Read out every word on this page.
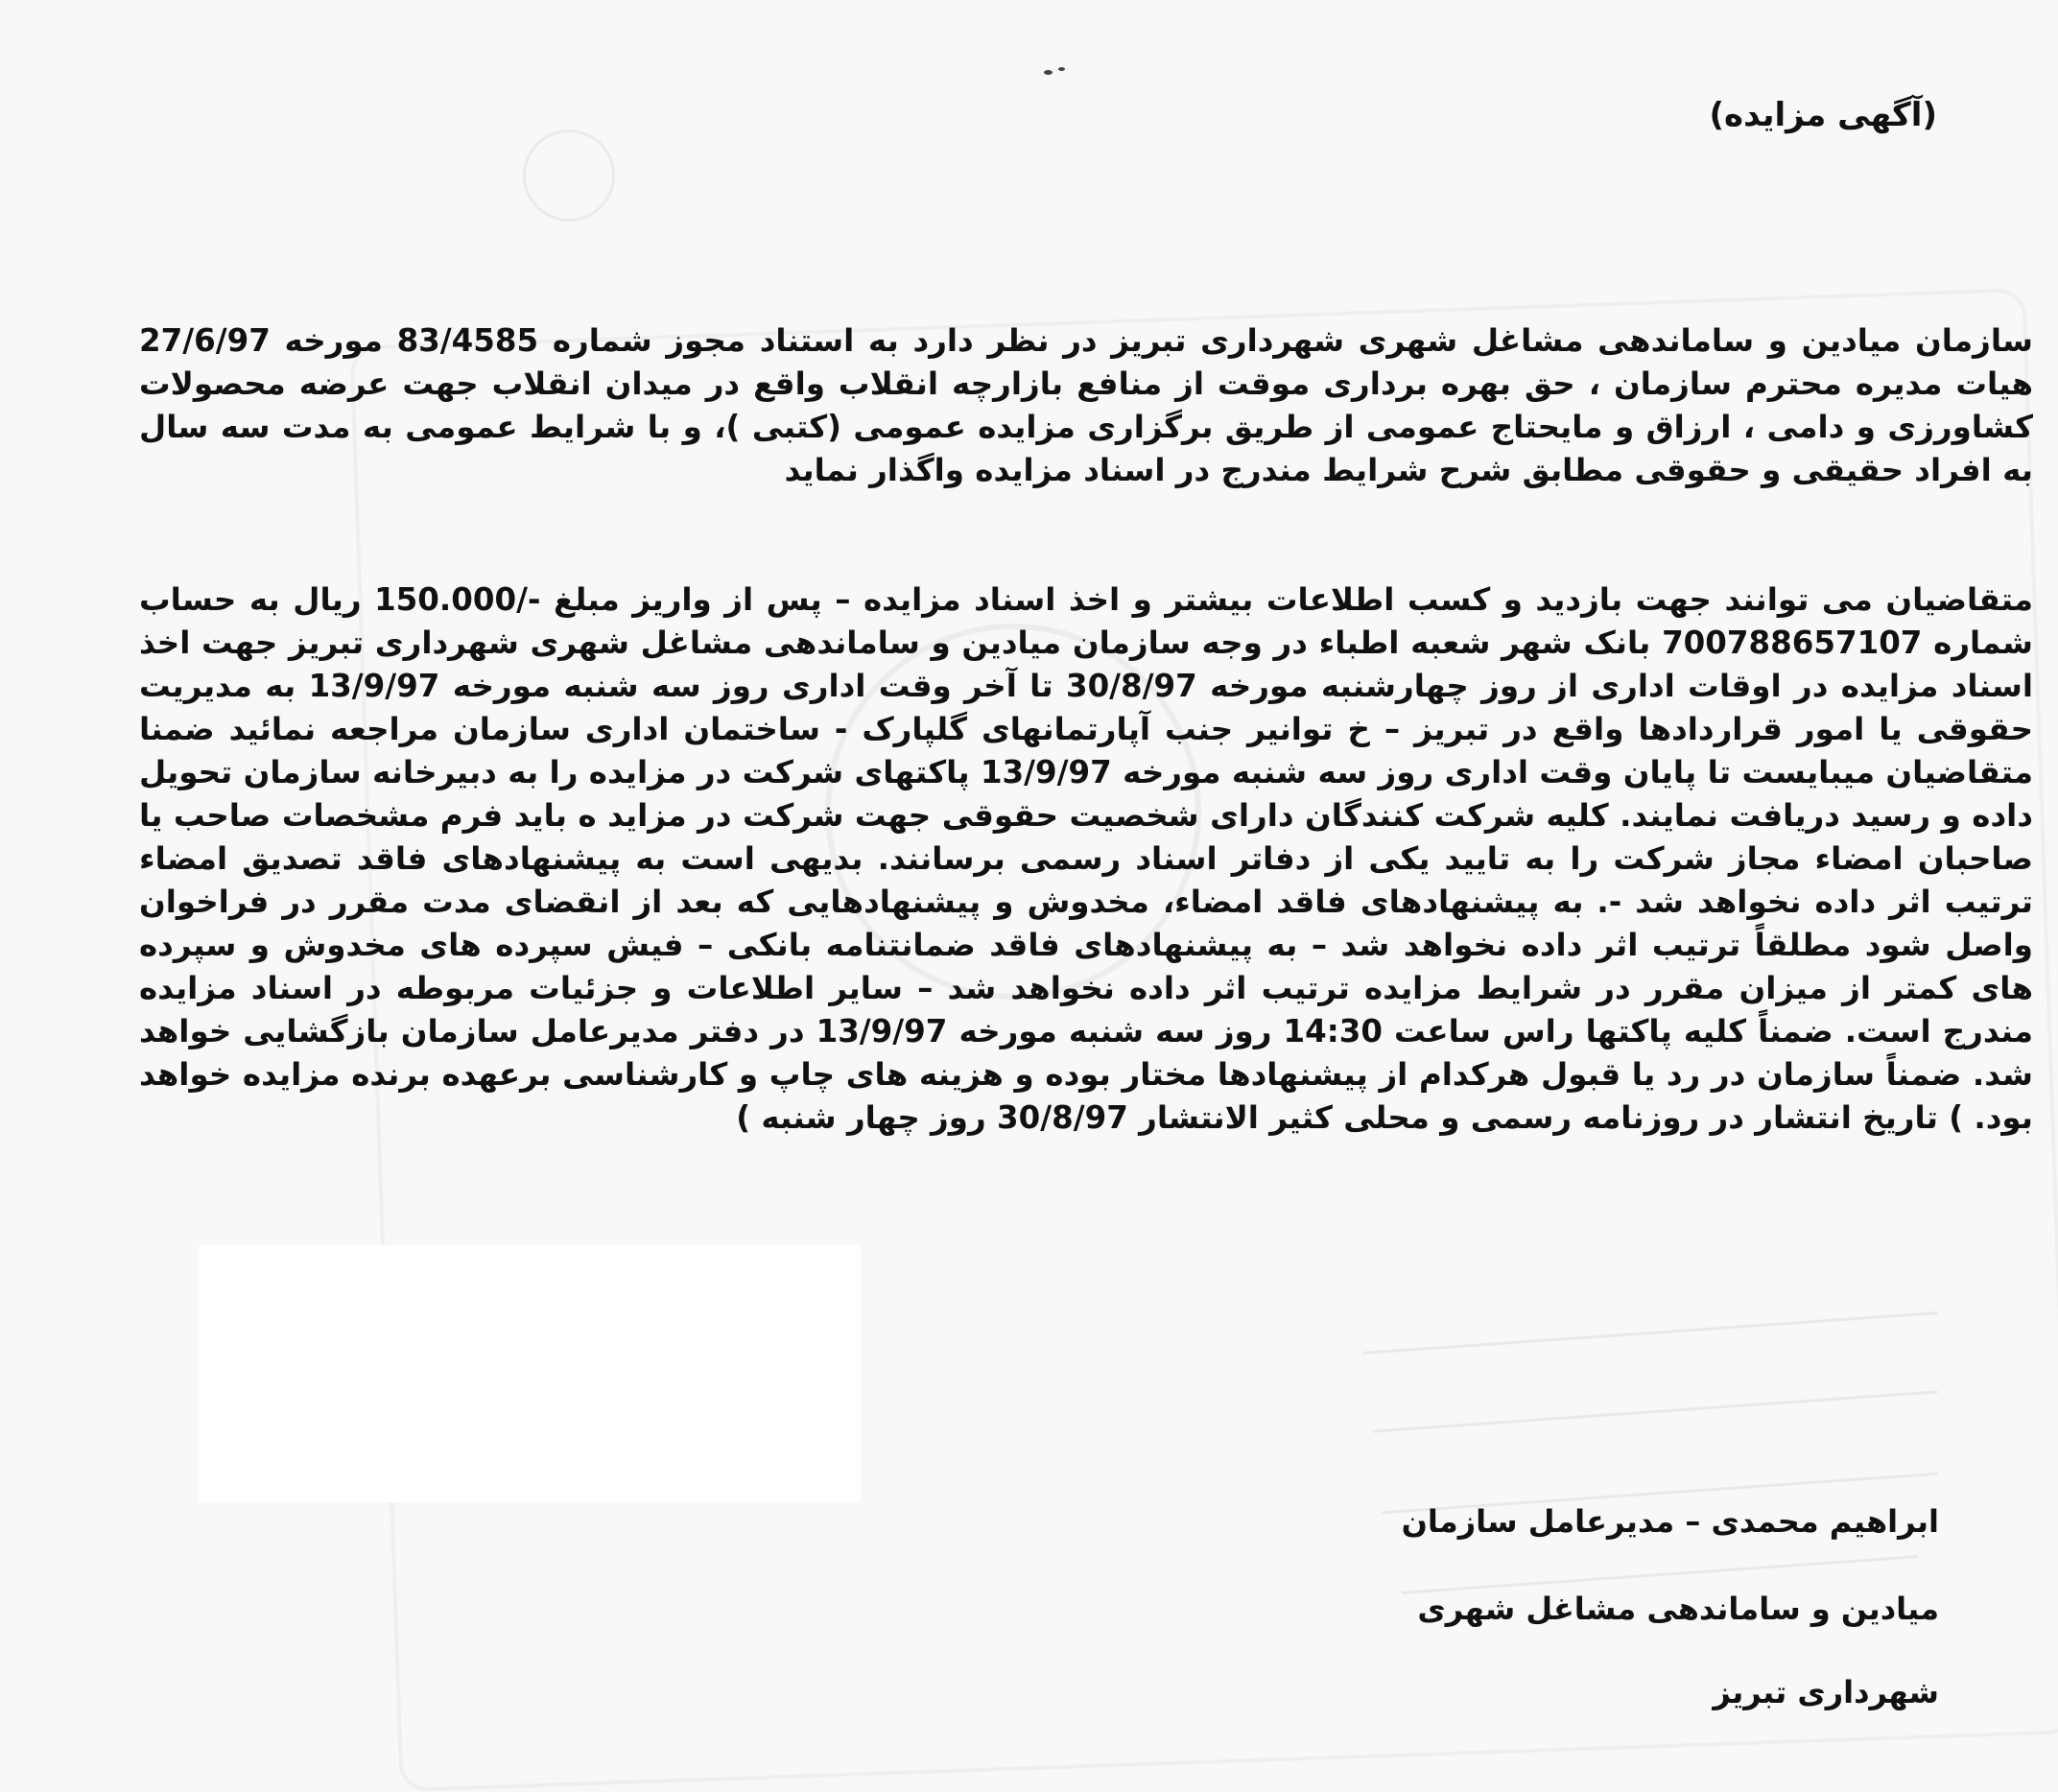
(آگهی مزایده)
سازمان میادین و ساماندهی مشاغل شهری شهرداری تبریز در نظر دارد به استناد مجوز شماره 83/4585 مورخه 27/6/97 هیات مدیره محترم سازمان ، حق بهره برداری موقت از منافع بازارچه انقلاب واقع در میدان انقلاب جهت عرضه محصولات کشاورزی و دامی ، ارزاق و مایحتاج عمومی از طریق برگزاری مزایده عمومی (کتبی )، و با شرایط عمومی به مدت سه سال به افراد حقیقی و حقوقی مطابق شرح شرایط مندرج در اسناد مزایده واگذار نماید
متقاضیان می توانند جهت بازدید و کسب اطلاعات بیشتر و اخذ اسناد مزایده – پس از واریز مبلغ -/150.000 ریال به حساب شماره 700788657107 بانک شهر شعبه اطباء در وجه سازمان میادین و ساماندهی مشاغل شهری شهرداری تبریز جهت اخذ اسناد مزایده در اوقات اداری از روز چهارشنبه مورخه 30/8/97 تا آخر وقت اداری روز سه شنبه مورخه 13/9/97 به مدیریت حقوقی یا امور قراردادها واقع در تبریز – خ توانیر جنب آپارتمانهای گلپارک - ساختمان اداری سازمان مراجعه نمائید ضمنا متقاضیان میبایست تا پایان وقت اداری روز سه شنبه مورخه 13/9/97 پاکتهای شرکت در مزایده را به دبیرخانه سازمان تحویل داده و رسید دریافت نمایند. کلیه شرکت کنندگان دارای شخصیت حقوقی جهت شرکت در مزاید ه باید فرم مشخصات صاحب یا صاحبان امضاء مجاز شرکت را به تایید یکی از دفاتر اسناد رسمی برسانند. بدیهی است به پیشنهادهای فاقد تصدیق امضاء ترتیب اثر داده نخواهد شد -. به پیشنهادهای فاقد امضاء، مخدوش و پیشنهادهایی که بعد از انقضای مدت مقرر در فراخوان واصل شود مطلقاً ترتیب اثر داده نخواهد شد – به پیشنهادهای فاقد ضمانتنامه بانکی – فیش سپرده های مخدوش و سپرده های کمتر از میزان مقرر در شرایط مزایده ترتیب اثر داده نخواهد شد – سایر اطلاعات و جزئیات مربوطه در اسناد مزایده مندرج است. ضمناً کلیه پاکتها راس ساعت 14:30 روز سه شنبه مورخه 13/9/97 در دفتر مدیرعامل سازمان بازگشایی خواهد شد. ضمناً سازمان در رد یا قبول هرکدام از پیشنهادها مختار بوده و هزینه های چاپ و کارشناسی برعهده برنده مزایده خواهد بود. ) تاریخ انتشار در روزنامه رسمی و محلی کثیر الانتشار 30/8/97 روز چهار شنبه )
ابراهیم محمدی – مدیرعامل سازمان
میادین و ساماندهی مشاغل شهری
شهرداری تبریز
